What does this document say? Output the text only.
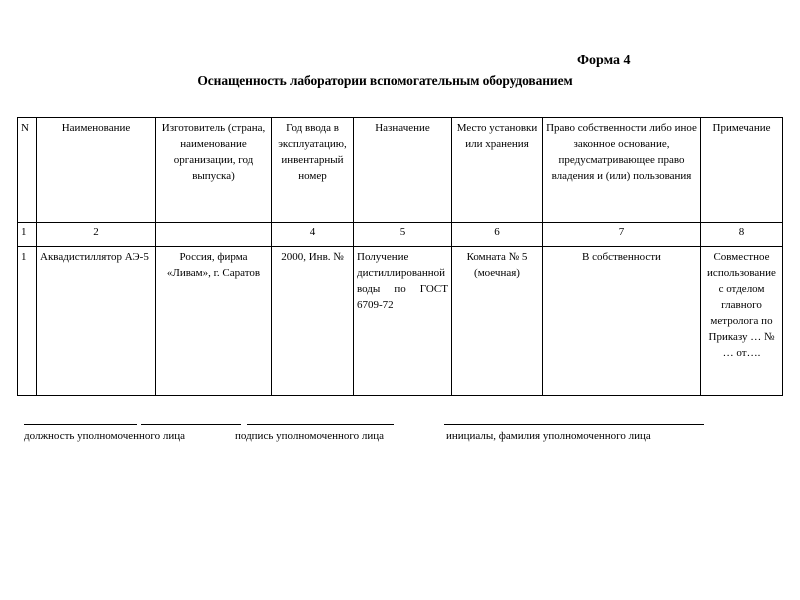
Форма 4
Оснащенность лаборатории вспомогательным оборудованием
N	Наименование	Изготовитель (страна, наименование организации, год выпуска)	Год ввода в эксплуатацию, инвентарный номер	Назначение	Место установки или хранения	Право собственности либо иное законное основание, предусматривающее право владения и (или) пользования	Примечание
1	2		4	5	6	7	8
1	Аквадистиллятор АЭ-5	Россия, фирма «Ливам», г. Саратов	2000, Инв. №	Получение дистиллированной воды по ГОСТ 6709-72	Комната № 5 (моечная)	В собственности	Совместное использование с отделом главного метролога по Приказу … № … от….
должность уполномоченного лица	подпись уполномоченного лица	инициалы, фамилия уполномоченного лица
